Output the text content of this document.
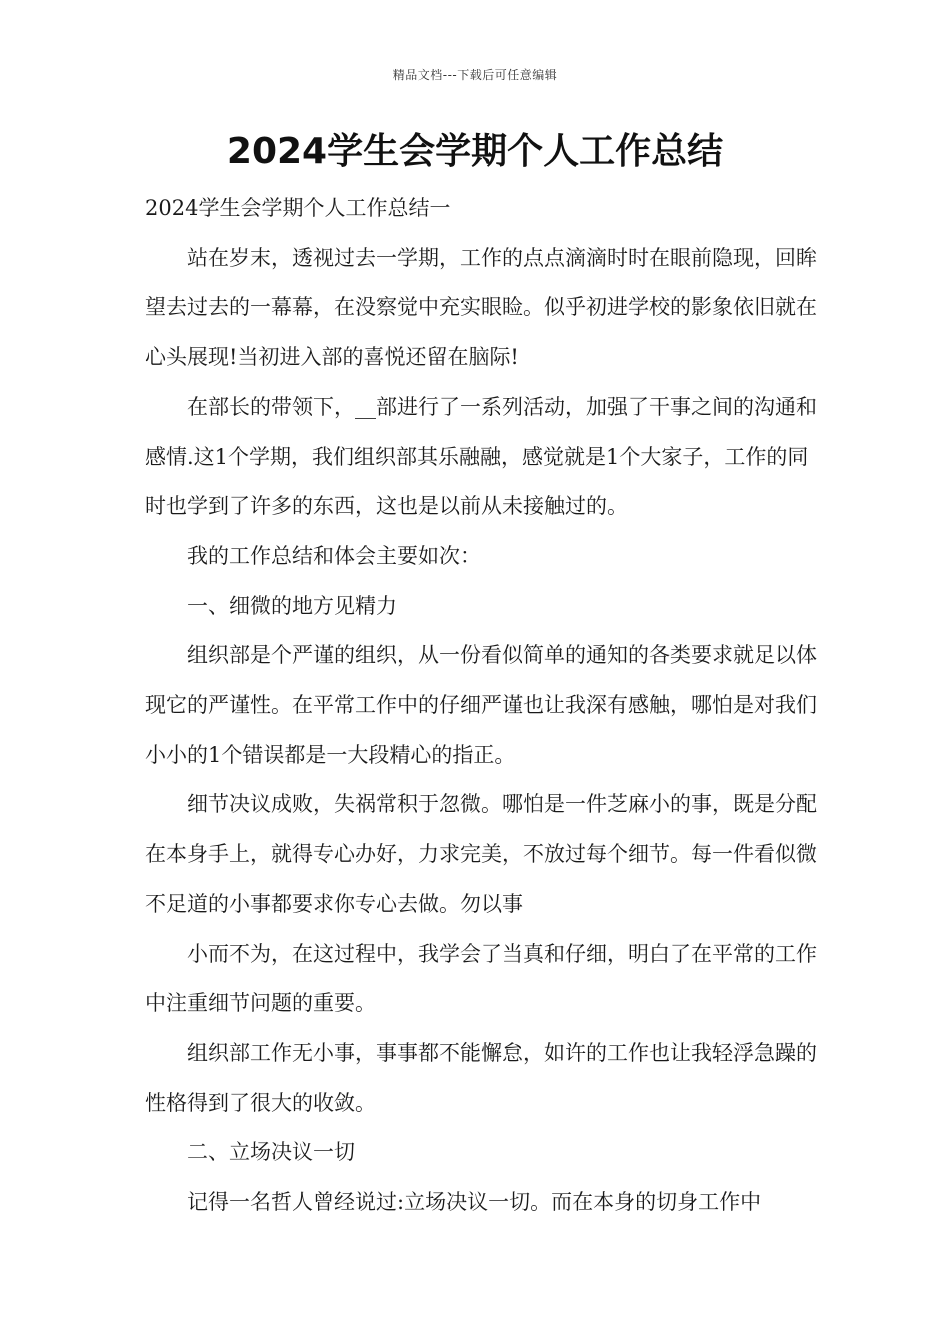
精品文档---下载后可任意编辑
2024学生会学期个人工作总结

2024学生会学期个人工作总结一

站在岁末，透视过去一学期，工作的点点滴滴时时在眼前隐现，回眸望去过去的一幕幕，在没察觉中充实眼睑。似乎初进学校的影象依旧就在心头展现!当初进入部的喜悦还留在脑际!

在部长的带领下，__部进行了一系列活动，加强了干事之间的沟通和感情.这1个学期，我们组织部其乐融融，感觉就是1个大家子，工作的同时也学到了许多的东西，这也是以前从未接触过的。

我的工作总结和体会主要如次：

一、细微的地方见精力

组织部是个严谨的组织，从一份看似简单的通知的各类要求就足以体现它的严谨性。在平常工作中的仔细严谨也让我深有感触，哪怕是对我们小小的1个错误都是一大段精心的指正。

细节决议成败，失祸常积于忽微。哪怕是一件芝麻小的事，既是分配在本身手上，就得专心办好，力求完美，不放过每个细节。每一件看似微不足道的小事都要求你专心去做。勿以事

小而不为，在这过程中，我学会了当真和仔细，明白了在平常的工作中注重细节问题的重要。

组织部工作无小事，事事都不能懈怠，如许的工作也让我轻浮急躁的性格得到了很大的收敛。

二、立场决议一切

记得一名哲人曾经说过:立场决议一切。而在本身的切身工作中
